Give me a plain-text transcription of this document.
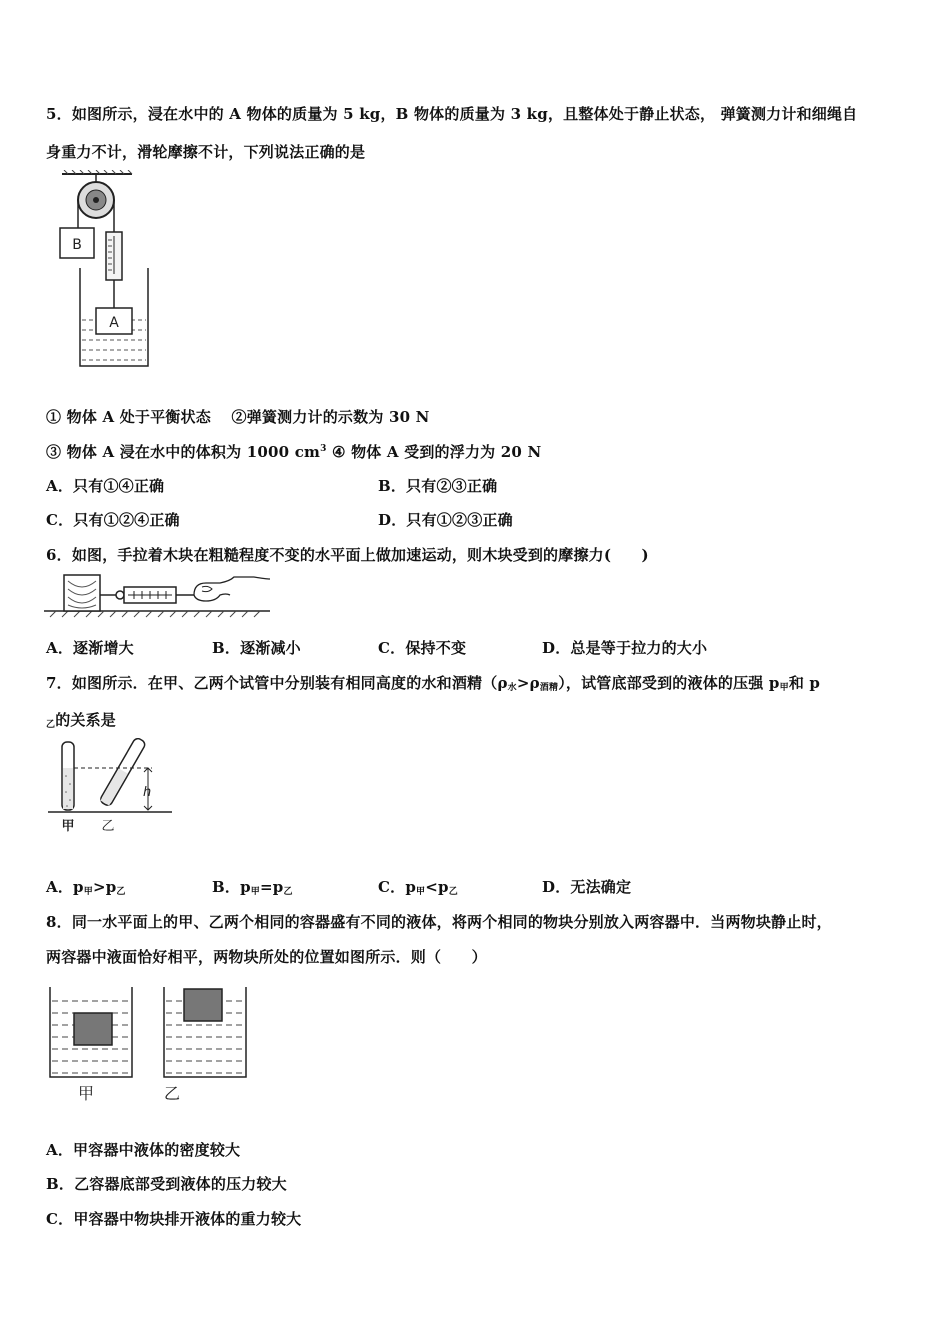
5．如图所示，浸在水中的 A 物体的质量为 5 kg，B 物体的质量为 3 kg，且整体处于静止状态， 弹簧测力计和细绳自
身重力不计，滑轮摩擦不计，下列说法正确的是
B
A
① 物体 A 处于平衡状态　 ②弹簧测力计的示数为 30 N
③ 物体 A 浸在水中的体积为 1000 $cm^3$ ④ 物体 A 受到的浮力为 20 N
A．只有①④正确	B．只有②③正确
C．只有①②④正确	D．只有①②③正确
6．如图，手拉着木块在粗糙程度不变的水平面上做加速运动，则木块受到的摩擦力(　　)
A．逐渐增大	B．逐渐减小	C．保持不变	D．总是等于拉力的大小
7．如图所示．在甲、乙两个试管中分别装有相同高度的水和酒精$(\rho_水>\rho_{酒精})$，试管底部受到的液体的压强 $p_甲$和 p
$_乙$的关系是
h
甲 乙
A．$p_甲>p_乙$	B．$p_甲=p_乙$	C．$p_甲<p_乙$	D．无法确定
8．同一水平面上的甲、乙两个相同的容器盛有不同的液体，将两个相同的物块分别放入两容器中．当两物块静止时，
两容器中液面恰好相平，两物块所处的位置如图所示．则（　　）
甲	乙
A．甲容器中液体的密度较大
B．乙容器底部受到液体的压力较大
C．甲容器中物块排开液体的重力较大
